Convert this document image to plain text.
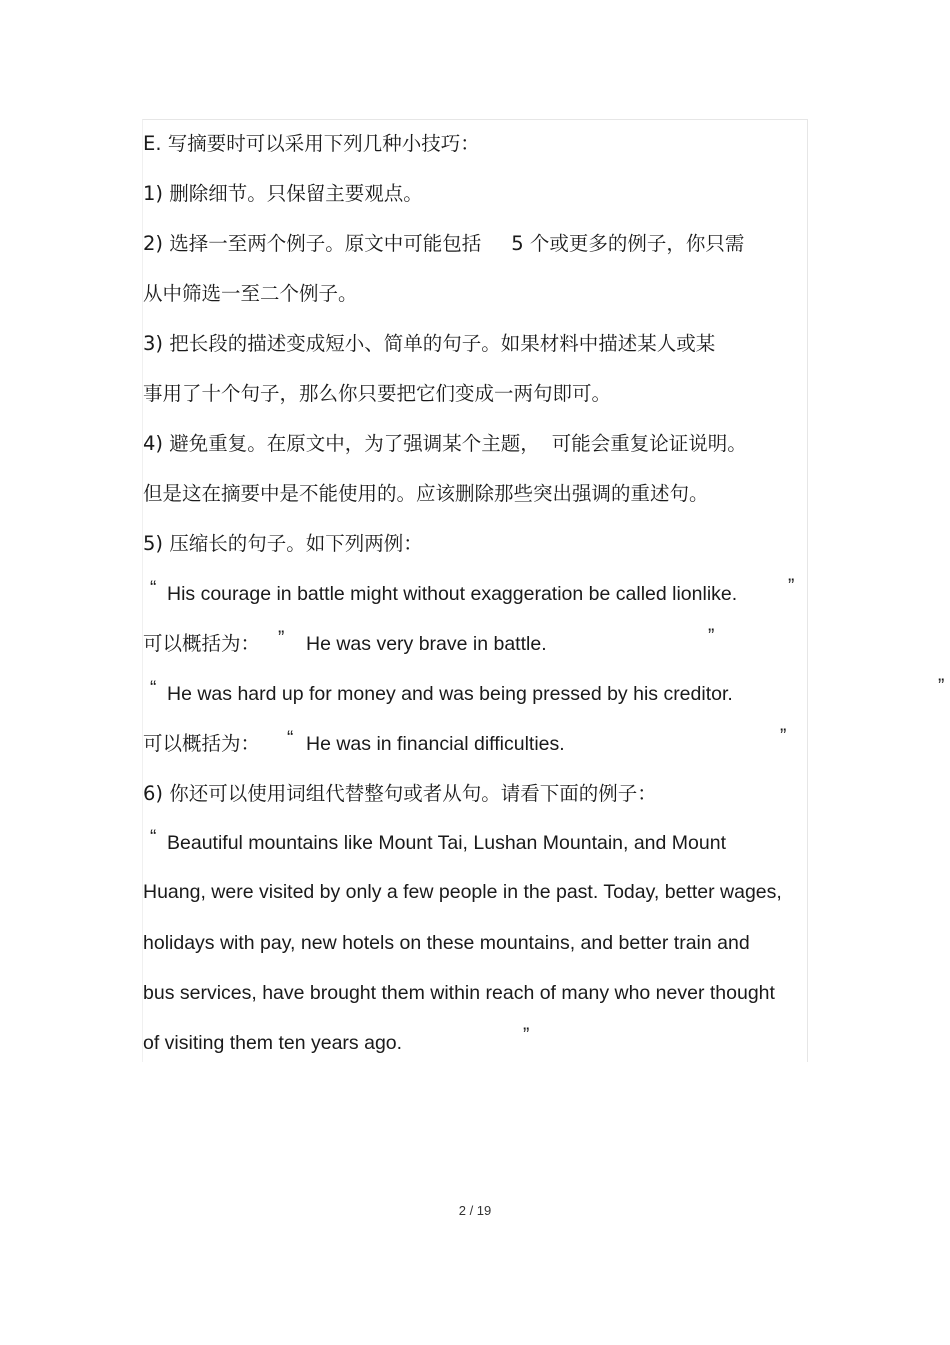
E. 写摘要时可以采用下列几种小技巧：
1) 删除细节。只保留主要观点。
2) 选择一至两个例子。原文中可能包括 5 个或更多的例子，你只需
从中筛选一至二个例子。
3) 把长段的描述变成短小、简单的句子。如果材料中描述某人或某
事用了十个句子，那么你只要把它们变成一两句即可。
4) 避免重复。在原文中，为了强调某个主题， 可能会重复论证说明。
但是这在摘要中是不能使用的。应该删除那些突出强调的重述句。
5) 压缩长的句子。如下列两例：
“ His courage in battle might without exaggeration be called lionlike.	”
可以概括为： ” He was very brave in battle.	”
“ He was hard up for money and was being pressed by his creditor.	”
可以概括为： “ He was in financial difficulties.	”
6) 你还可以使用词组代替整句或者从句。请看下面的例子：
“ Beautiful mountains like Mount Tai, Lushan Mountain, and Mount
Huang, were visited by only a few people in the past. Today, better wages,
holidays with pay, new hotels on these mountains, and better train and
bus services, have brought them within reach of many who never thought
of visiting them ten years ago.	”
2 / 19
